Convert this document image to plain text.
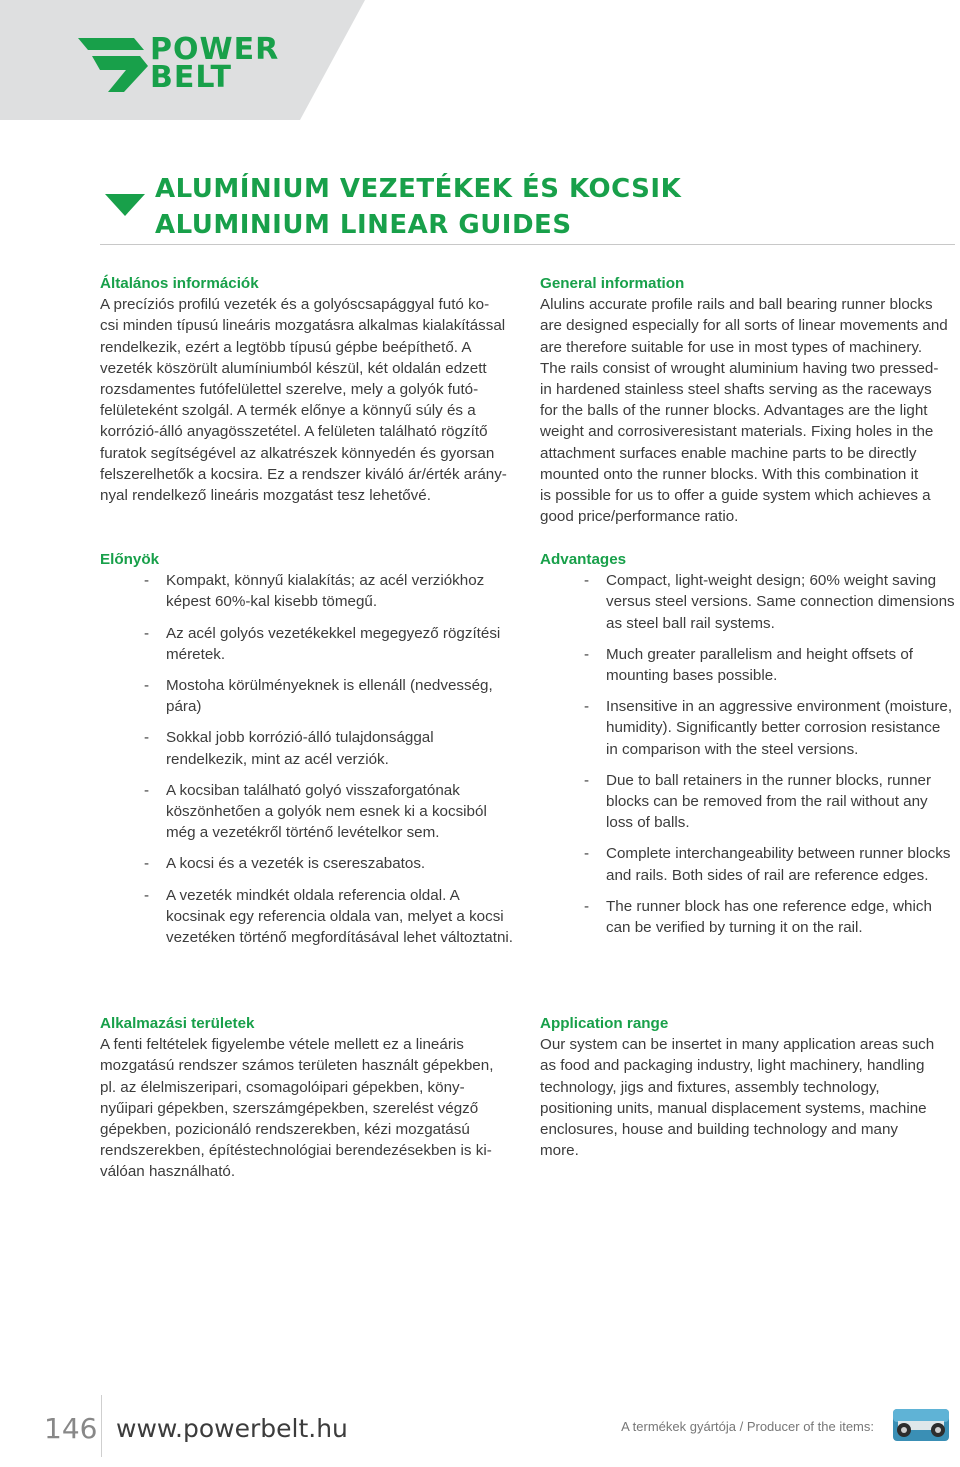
POWER
BELT
ALUMÍNIUM VEZETÉKEK ÉS KOCSIK
ALUMINIUM LINEAR GUIDES
Általános információk
A precíziós profilú vezeték és a golyóscsapággyal futó ko-
csi minden típusú lineáris mozgatásra alkalmas kialakítással
rendelkezik, ezért a legtöbb típusú gépbe beépíthető. A
vezeték köszörült alumíniumból készül, két oldalán edzett
rozsdamentes futófelülettel szerelve, mely a golyók futó-
felületeként szolgál. A termék előnye a könnyű súly és a
korrózió-álló anyagösszetétel. A felületen található rögzítő
furatok segítségével az alkatrészek könnyedén és gyorsan
felszerelhetők a kocsira. Ez a rendszer kiváló ár/érték arány-
nyal rendelkező lineáris mozgatást tesz lehetővé.
Előnyök
- Kompakt, könnyű kialakítás; az acél verziókhoz képest 60%-kal kisebb tömegű.
- Az acél golyós vezetékekkel megegyező rögzítési méretek.
- Mostoha körülményeknek is ellenáll (nedvesség, pára)
- Sokkal jobb korrózió-álló tulajdonsággal rendelkezik, mint az acél verziók.
- A kocsiban található golyó visszaforgatónak köszönhetően a golyók nem esnek ki a kocsiból még a vezetékről történő levételkor sem.
- A kocsi és a vezeték is csereszabatos.
- A vezeték mindkét oldala referencia oldal. A kocsinak egy referencia oldala van, melyet a kocsi vezetéken történő megfordításával lehet változtatni.
Alkalmazási területek
A fenti feltételek figyelembe vétele mellett ez a lineáris
mozgatású rendszer számos területen használt gépekben,
pl. az élelmiszeripari, csomagolóipari gépekben, köny-
nyűipari gépekben, szerszámgépekben, szerelést végző
gépekben, pozicionáló rendszerekben, kézi mozgatású
rendszerekben, építéstechnológiai berendezésekben is ki-
válóan használható.
General information
Alulins accurate profile rails and ball bearing runner blocks
are designed especially for all sorts of linear movements and
are therefore suitable for use in most types of machinery.
The rails consist of wrought aluminium having two pressed-
in hardened stainless steel shafts serving as the raceways
for the balls of the runner blocks. Advantages are the light
weight and corrosiveresistant materials. Fixing holes in the
attachment surfaces enable machine parts to be directly
mounted onto the runner blocks. With this combination it
is possible for us to offer a guide system which achieves a
good price/performance ratio.
Advantages
- Compact, light-weight design; 60% weight saving versus steel versions. Same connection dimensions as steel ball rail systems.
- Much greater parallelism and height offsets of mounting bases possible.
- Insensitive in an aggressive environment (moisture, humidity). Significantly better corrosion resistance in comparison with the steel versions.
- Due to ball retainers in the runner blocks, runner blocks can be removed from the rail without any loss of balls.
- Complete interchangeability between runner blocks and rails. Both sides of rail are reference edges.
- The runner block has one reference edge, which can be verified by turning it on the rail.
Application range
Our system can be insertet in many application areas such
as food and packaging industry, light machinery, handling
technology, jigs and fixtures, assembly technology,
positioning units, manual displacement systems, machine
enclosures, house and building technology and many
more.
146 www.powerbelt.hu	A termékek gyártója / Producer of the items:
